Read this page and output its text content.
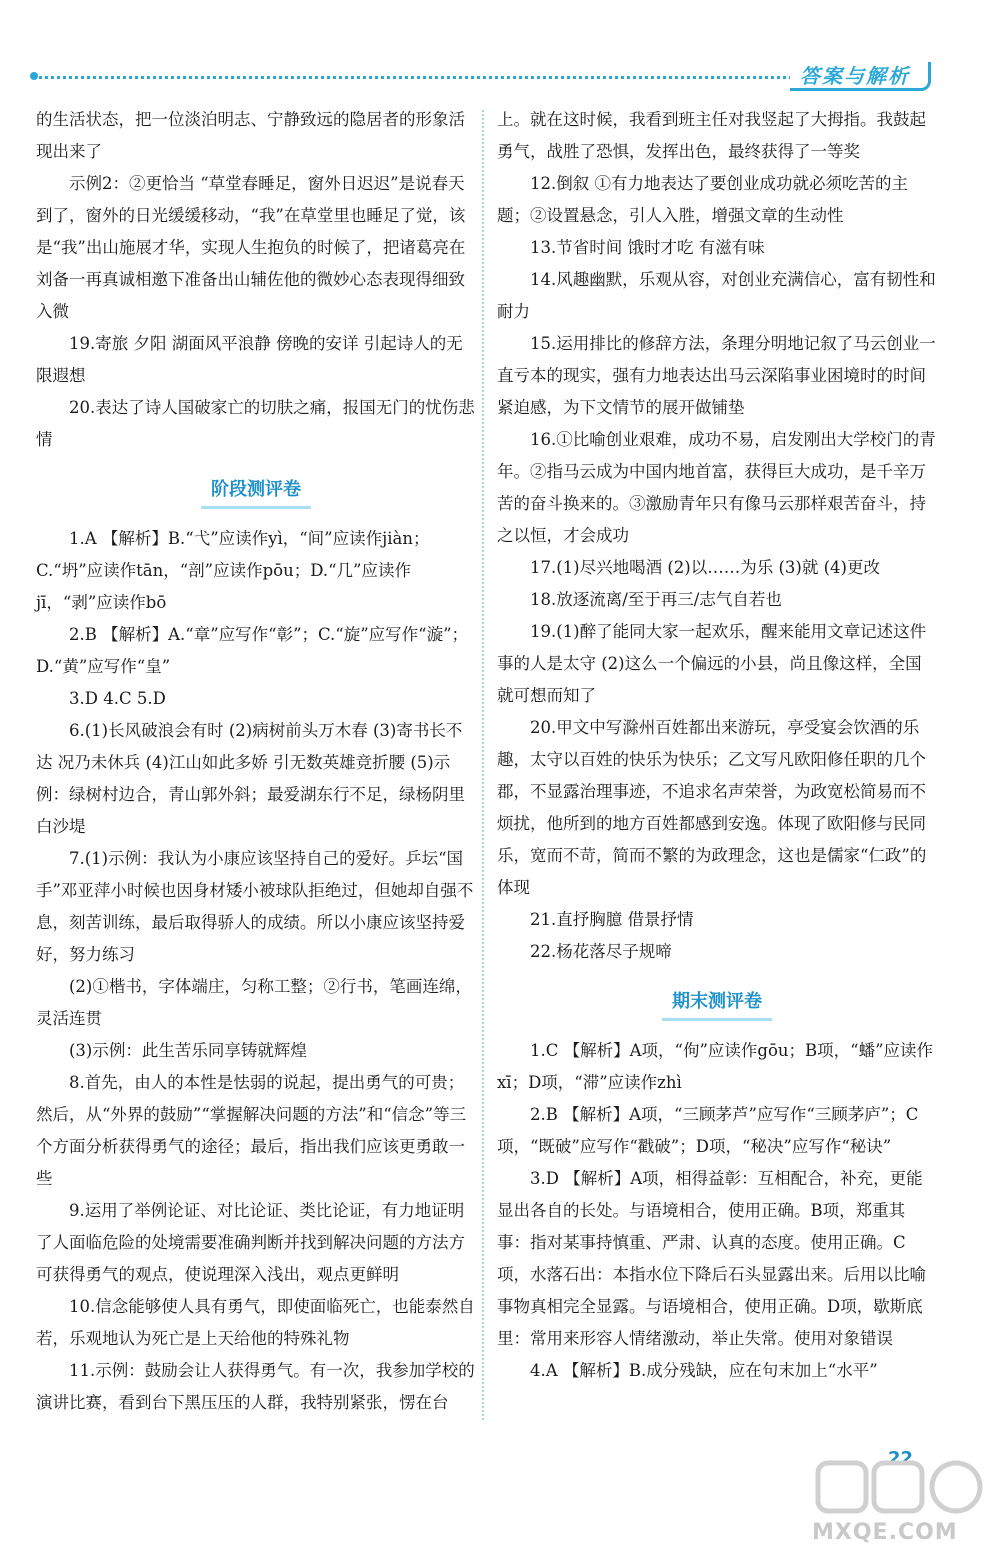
答案与解析

的生活状态，把一位淡泊明志、宁静致远的隐居者的形象活现出来了

示例2：②更恰当 “草堂春睡足，窗外日迟迟”是说春天到了，窗外的日光缓缓移动，“我”在草堂里也睡足了觉，该是“我”出山施展才华，实现人生抱负的时候了，把诸葛亮在刘备一再真诚相邀下准备出山辅佐他的微妙心态表现得细致入微

19.寄旅 夕阳 湖面风平浪静 傍晚的安详 引起诗人的无限遐想

20.表达了诗人国破家亡的切肤之痛，报国无门的忧伤悲情

阶段测评卷

1.A 【解析】B.“弋”应读作yì，“间”应读作jiàn；C.“坍”应读作tān，“剖”应读作pōu；D.“几”应读作jī，“剥”应读作bō

2.B 【解析】A.“章”应写作“彰”；C.“旋”应写作“漩”；D.“黄”应写作“皇”

3.D 4.C 5.D

6.(1)长风破浪会有时 (2)病树前头万木春 (3)寄书长不达 况乃未休兵 (4)江山如此多娇 引无数英雄竞折腰 (5)示例：绿树村边合，青山郭外斜；最爱湖东行不足，绿杨阴里白沙堤

7.(1)示例：我认为小康应该坚持自己的爱好。乒坛“国手”邓亚萍小时候也因身材矮小被球队拒绝过，但她却自强不息，刻苦训练，最后取得骄人的成绩。所以小康应该坚持爱好，努力练习

(2)①楷书，字体端庄，匀称工整；②行书，笔画连绵，灵活连贯

(3)示例：此生苦乐同享铸就辉煌

8.首先，由人的本性是怯弱的说起，提出勇气的可贵；然后，从“外界的鼓励”“掌握解决问题的方法”和“信念”等三个方面分析获得勇气的途径；最后，指出我们应该更勇敢一些

9.运用了举例论证、对比论证、类比论证，有力地证明了人面临危险的处境需要准确判断并找到解决问题的方法方可获得勇气的观点，使说理深入浅出，观点更鲜明

10.信念能够使人具有勇气，即使面临死亡，也能泰然自若，乐观地认为死亡是上天给他的特殊礼物

11.示例：鼓励会让人获得勇气。有一次，我参加学校的演讲比赛，看到台下黑压压的人群，我特别紧张，愣在台

上。就在这时候，我看到班主任对我竖起了大拇指。我鼓起勇气，战胜了恐惧，发挥出色，最终获得了一等奖

12.倒叙 ①有力地表达了要创业成功就必须吃苦的主题；②设置悬念，引人入胜，增强文章的生动性

13.节省时间 饿时才吃 有滋有味

14.风趣幽默，乐观从容，对创业充满信心，富有韧性和耐力

15.运用排比的修辞方法，条理分明地记叙了马云创业一直亏本的现实，强有力地表达出马云深陷事业困境时的时间紧迫感，为下文情节的展开做铺垫

16.①比喻创业艰难，成功不易，启发刚出大学校门的青年。②指马云成为中国内地首富，获得巨大成功，是千辛万苦的奋斗换来的。③激励青年只有像马云那样艰苦奋斗，持之以恒，才会成功

17.(1)尽兴地喝酒 (2)以……为乐 (3)就 (4)更改

18.放逐流离/至于再三/志气自若也

19.(1)醉了能同大家一起欢乐，醒来能用文章记述这件事的人是太守 (2)这么一个偏远的小县，尚且像这样，全国就可想而知了

20.甲文中写滁州百姓都出来游玩，亭受宴会饮酒的乐趣，太守以百姓的快乐为快乐；乙文写凡欧阳修任职的几个郡，不显露治理事迹，不追求名声荣誉，为政宽松简易而不烦扰，他所到的地方百姓都感到安逸。体现了欧阳修与民同乐，宽而不苛，简而不繁的为政理念，这也是儒家“仁政”的体现

21.直抒胸臆 借景抒情

22.杨花落尽子规啼

期末测评卷

1.C 【解析】A项，“佝”应读作gōu；B项，“蟠”应读作xī；D项，“滞”应读作zhì

2.B 【解析】A项，“三顾茅芦”应写作“三顾茅庐”；C项，“既破”应写作“戳破”；D项，“秘决”应写作“秘诀”

3.D 【解析】A项，相得益彰：互相配合，补充，更能显出各自的长处。与语境相合，使用正确。B项，郑重其事：指对某事持慎重、严肃、认真的态度。使用正确。C项，水落石出：本指水位下降后石头显露出来。后用以比喻事物真相完全显露。与语境相合，使用正确。D项，歇斯底里：常用来形容人情绪激动，举止失常。使用对象错误

4.A 【解析】B.成分残缺，应在句末加上“水平”

22
MXQE.COM
